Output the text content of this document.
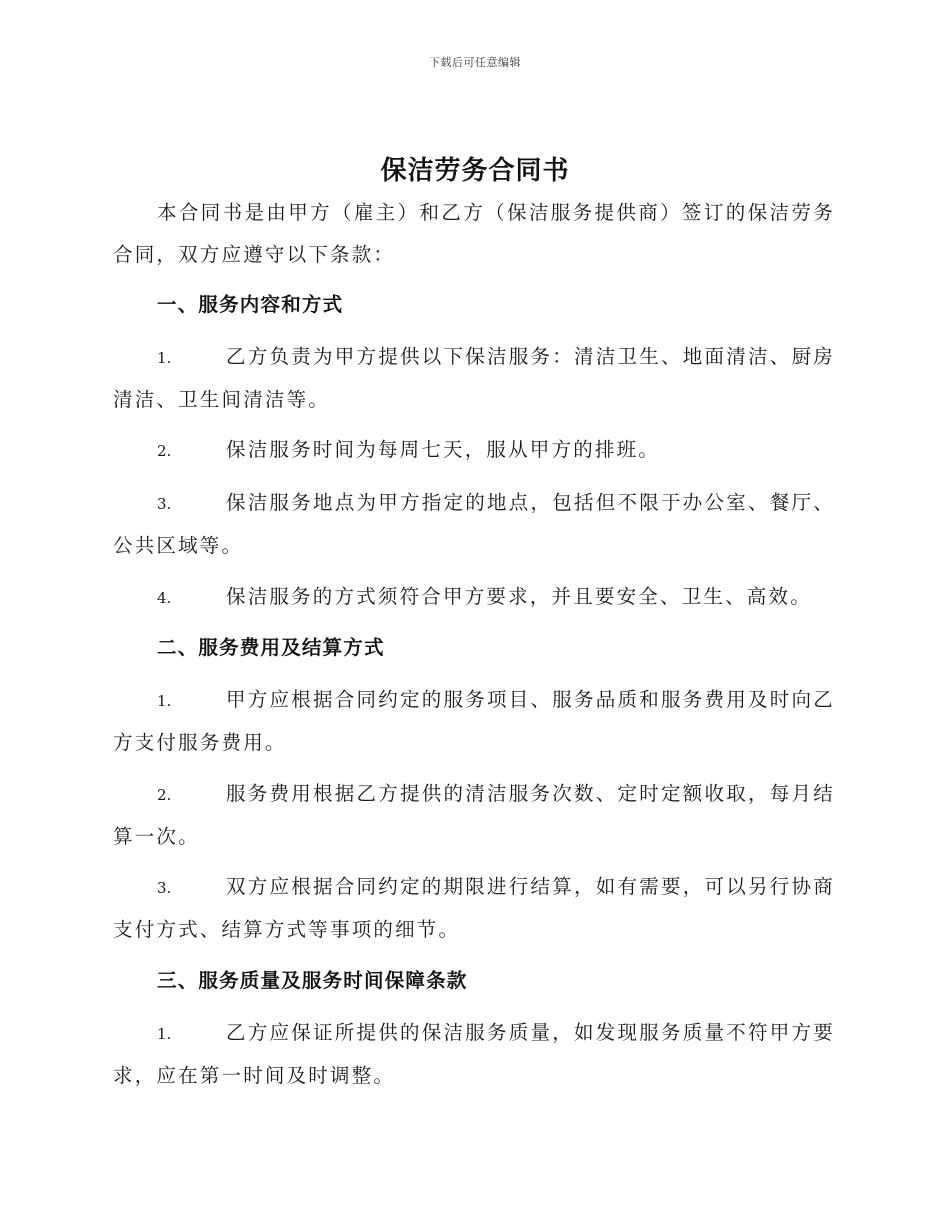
下载后可任意编辑
保洁劳务合同书
本合同书是由甲方（雇主）和乙方（保洁服务提供商）签订的保洁劳务合同，双方应遵守以下条款：
一、服务内容和方式
1.	乙方负责为甲方提供以下保洁服务：清洁卫生、地面清洁、厨房清洁、卫生间清洁等。
2.	保洁服务时间为每周七天，服从甲方的排班。
3.	保洁服务地点为甲方指定的地点，包括但不限于办公室、餐厅、公共区域等。
4.	保洁服务的方式须符合甲方要求，并且要安全、卫生、高效。
二、服务费用及结算方式
1.	甲方应根据合同约定的服务项目、服务品质和服务费用及时向乙方支付服务费用。
2.	服务费用根据乙方提供的清洁服务次数、定时定额收取，每月结算一次。
3.	双方应根据合同约定的期限进行结算，如有需要，可以另行协商支付方式、结算方式等事项的细节。
三、服务质量及服务时间保障条款
1.	乙方应保证所提供的保洁服务质量，如发现服务质量不符甲方要求，应在第一时间及时调整。
